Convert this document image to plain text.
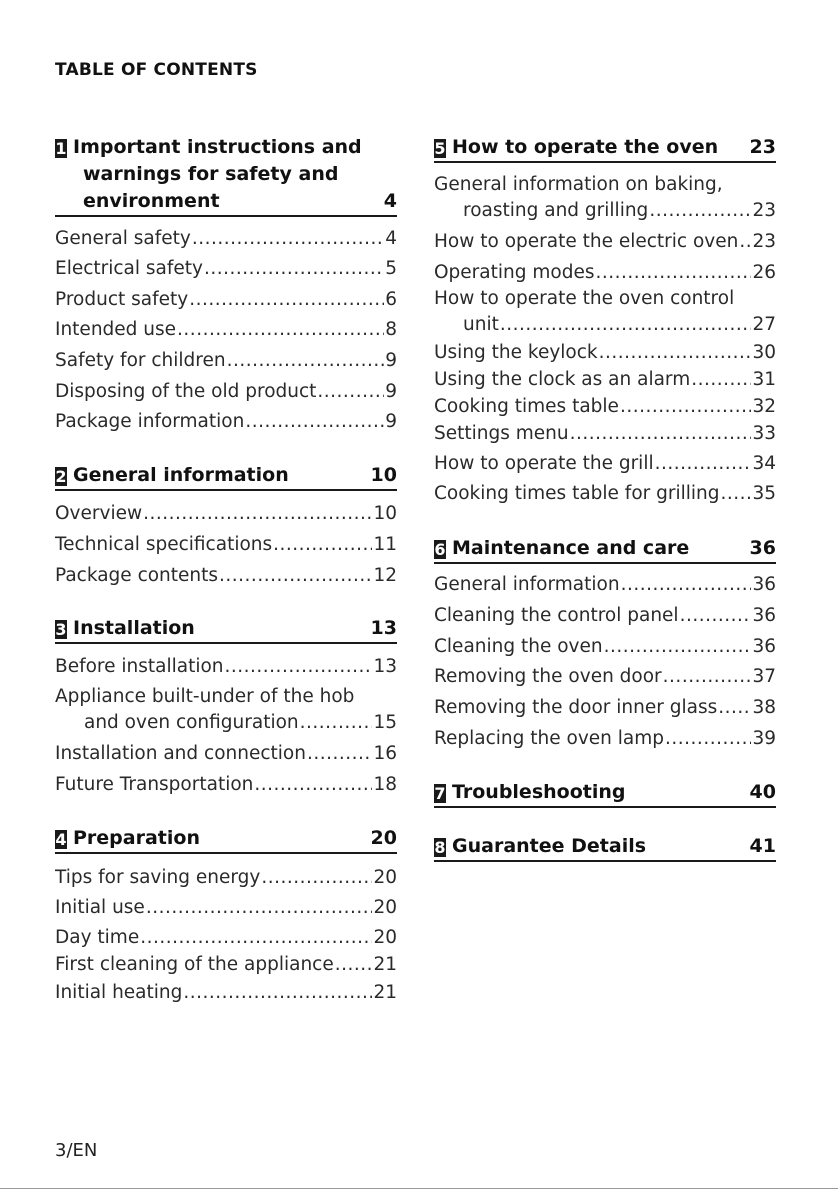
TABLE OF CONTENTS
1 Important instructions and
warnings for safety and
environment	4
General safety .....	4
Electrical safety .....	5
Product safety .....	6
Intended use .....	8
Safety for children .....	9
Disposing of the old product .....	9
Package information .....	9
2 General information	10
Overview .....	10
Technical specifications .....	11
Package contents .....	12
3 Installation	13
Before installation .....	13
Appliance built-under of the hob
and oven configuration .....	15
Installation and connection .....	16
Future Transportation .....	18
4 Preparation	20
Tips for saving energy .....	20
Initial use .....	20
Day time .....	20
First cleaning of the appliance ..... 21
Initial heating .....	21
5 How to operate the oven	23
General information on baking,
roasting and grilling .....	23
How to operate the electric oven ..... 23
Operating modes .....	26
How to operate the oven control
unit .....	27
Using the keylock .....	30
Using the clock as an alarm .....	31
Cooking times table .....	32
Settings menu .....	33
How to operate the grill .....	34
Cooking times table for grilling ..... 35
6 Maintenance and care	36
General information .....	36
Cleaning the control panel .....	36
Cleaning the oven .....	36
Removing the oven door .....	37
Removing the door inner glass ..... 38
Replacing the oven lamp .....	39
7 Troubleshooting	40
8 Guarantee Details	41
3/EN
